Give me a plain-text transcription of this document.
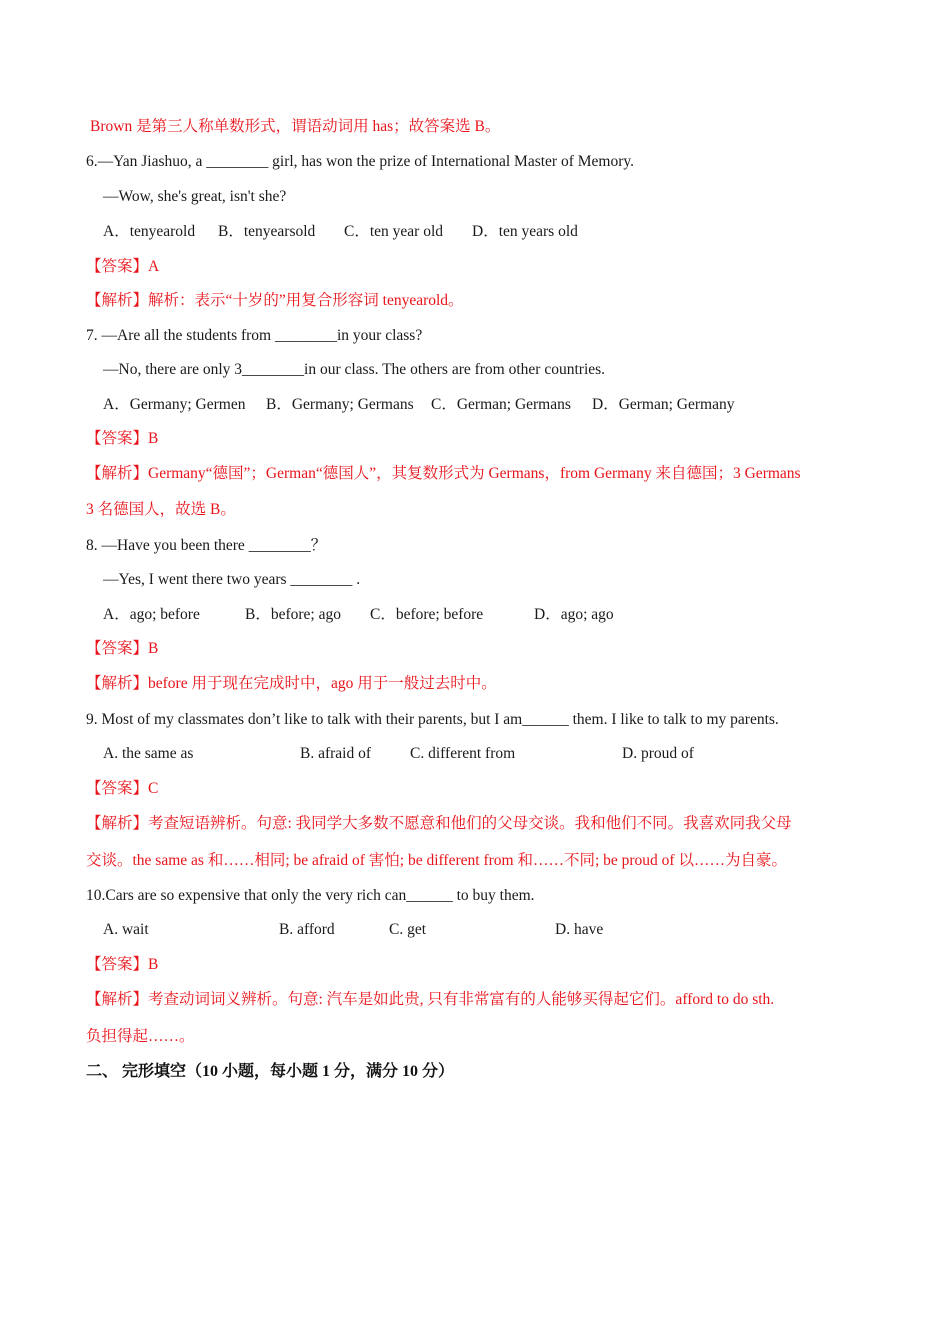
Brown 是第三人称单数形式，谓语动词用 has；故答案选 B。
6.—Yan Jiashuo, a ________ girl, has won the prize of International Master of Memory.
—Wow, she's great, isn't she?
A．tenyearold B．tenyearsold C．ten year old D．ten years old
【答案】A
【解析】解析：表示“十岁的”用复合形容词 tenyearold。
7. —Are all the students from ________in your class?
—No, there are only 3________in our class. The others are from other countries.
A．Germany; Germen B．Germany; Germans C．German; Germans D．German; Germany
【答案】B
【解析】Germany“德国”；German“德国人”，其复数形式为 Germans，from Germany 来自德国；3 Germans
3 名德国人，故选 B。
8. —Have you been there ________？
—Yes, I went there two years ________ .
A．ago; before	B．before; ago C．before; before	D．ago; ago
【答案】B
【解析】before 用于现在完成时中，ago 用于一般过去时中。
9. Most of my classmates don’t like to talk with their parents, but I am______ them. I like to talk to my parents.
A. the same as	B. afraid of	C. different from	D. proud of
【答案】C
【解析】考查短语辨析。句意: 我同学大多数不愿意和他们的父母交谈。我和他们不同。我喜欢同我父母
交谈。the same as 和……相同; be afraid of 害怕; be different from 和……不同; be proud of 以……为自豪。
10.Cars are so expensive that only the very rich can______ to buy them.
A. wait	B. afford	C. get	D. have
【答案】B
【解析】考查动词词义辨析。句意: 汽车是如此贵, 只有非常富有的人能够买得起它们。afford to do sth.
负担得起……。
二、 完形填空（10 小题，每小题 1 分，满分 10 分）
